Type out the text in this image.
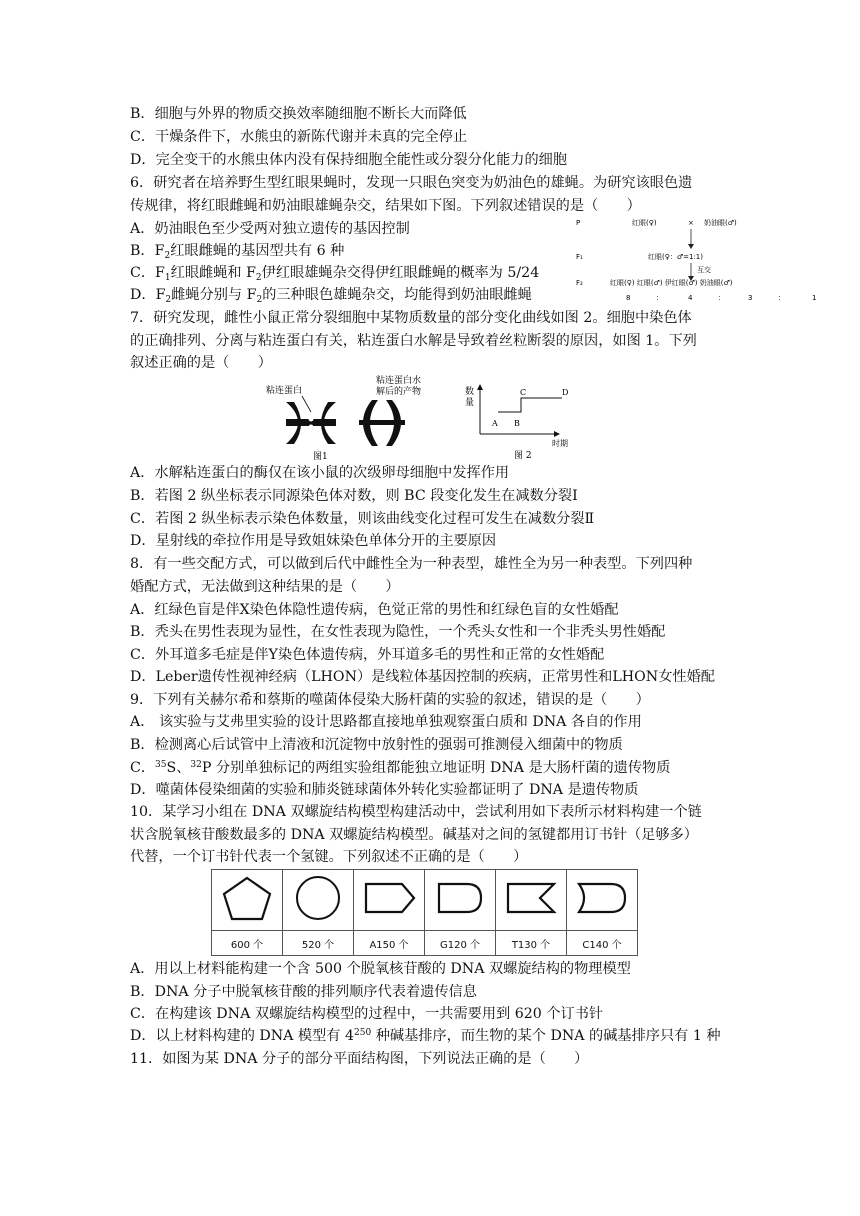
B．细胞与外界的物质交换效率随细胞不断长大而降低
C．干燥条件下，水熊虫的新陈代谢并未真的完全停止
D．完全变干的水熊虫体内没有保持细胞全能性或分裂分化能力的细胞
6．研究者在培养野生型红眼果蝇时，发现一只眼色突变为奶油色的雄蝇。为研究该眼色遗
传规律，将红眼雌蝇和奶油眼雄蝇杂交，结果如下图。下列叙述错误的是（　　）
A．奶油眼色至少受两对独立遗传的基因控制
B．$F_2$红眼雌蝇的基因型共有 6 种
C．$F_1$红眼雌蝇和 $F_2$伊红眼雄蝇杂交得伊红眼雌蝇的概率为 5/24
D．$F_2$雌蝇分别与 $F_2$的三种眼色雄蝇杂交，均能得到奶油眼雌蝇
P	红眼(♀)	× 奶油眼(♂)
F₁	红眼(♀：♂=1:1)
互交
F₂	红眼(♀) 红眼(♂) 伊红眼(♂) 奶油眼(♂)
8	：	4	：	3	：	1
7．研究发现，雌性小鼠正常分裂细胞中某物质数量的部分变化曲线如图 2。细胞中染色体
的正确排列、分离与粘连蛋白有关，粘连蛋白水解是导致着丝粒断裂的原因，如图 1。下列
叙述正确的是（　　）
粘连蛋白
粘连蛋白水
解后的产物
图1
数
量
A B
C	D
时期
图 2
A．水解粘连蛋白的酶仅在该小鼠的次级卵母细胞中发挥作用
B．若图 2 纵坐标表示同源染色体对数，则 BC 段变化发生在减数分裂Ⅰ
C．若图 2 纵坐标表示染色体数量，则该曲线变化过程可发生在减数分裂Ⅱ
D．星射线的牵拉作用是导致姐妹染色单体分开的主要原因
8．有一些交配方式，可以做到后代中雌性全为一种表型，雄性全为另一种表型。下列四种
婚配方式，无法做到这种结果的是（　　）
A．红绿色盲是伴X染色体隐性遗传病，色觉正常的男性和红绿色盲的女性婚配
B．秃头在男性表现为显性，在女性表现为隐性，一个秃头女性和一个非秃头男性婚配
C．外耳道多毛症是伴Y染色体遗传病，外耳道多毛的男性和正常的女性婚配
D．Leber遗传性视神经病（LHON）是线粒体基因控制的疾病，正常男性和LHON女性婚配
9．下列有关赫尔希和蔡斯的噬菌体侵染大肠杆菌的实验的叙述，错误的是（　　）
A． 该实验与艾弗里实验的设计思路都直接地单独观察蛋白质和 DNA 各自的作用
B．检测离心后试管中上清液和沉淀物中放射性的强弱可推测侵入细菌中的物质
C．$^{35}$S、$^{32}$P 分别单独标记的两组实验组都能独立地证明 DNA 是大肠杆菌的遗传物质
D．噬菌体侵染细菌的实验和肺炎链球菌体外转化实验都证明了 DNA 是遗传物质
10．某学习小组在 DNA 双螺旋结构模型构建活动中，尝试利用如下表所示材料构建一个链
状含脱氧核苷酸数最多的 DNA 双螺旋结构模型。碱基对之间的氢键都用订书针（足够多）
代替，一个订书针代表一个氢键。下列叙述不正确的是（　　）

600 个	520 个	A150 个	G120 个	T130 个	C140 个
A．用以上材料能构建一个含 500 个脱氧核苷酸的 DNA 双螺旋结构的物理模型
B．DNA 分子中脱氧核苷酸的排列顺序代表着遗传信息
C．在构建该 DNA 双螺旋结构模型的过程中，一共需要用到 620 个订书针
D．以上材料构建的 DNA 模型有 $4^{250}$ 种碱基排序，而生物的某个 DNA 的碱基排序只有 1 种
11．如图为某 DNA 分子的部分平面结构图，下列说法正确的是（　　）
